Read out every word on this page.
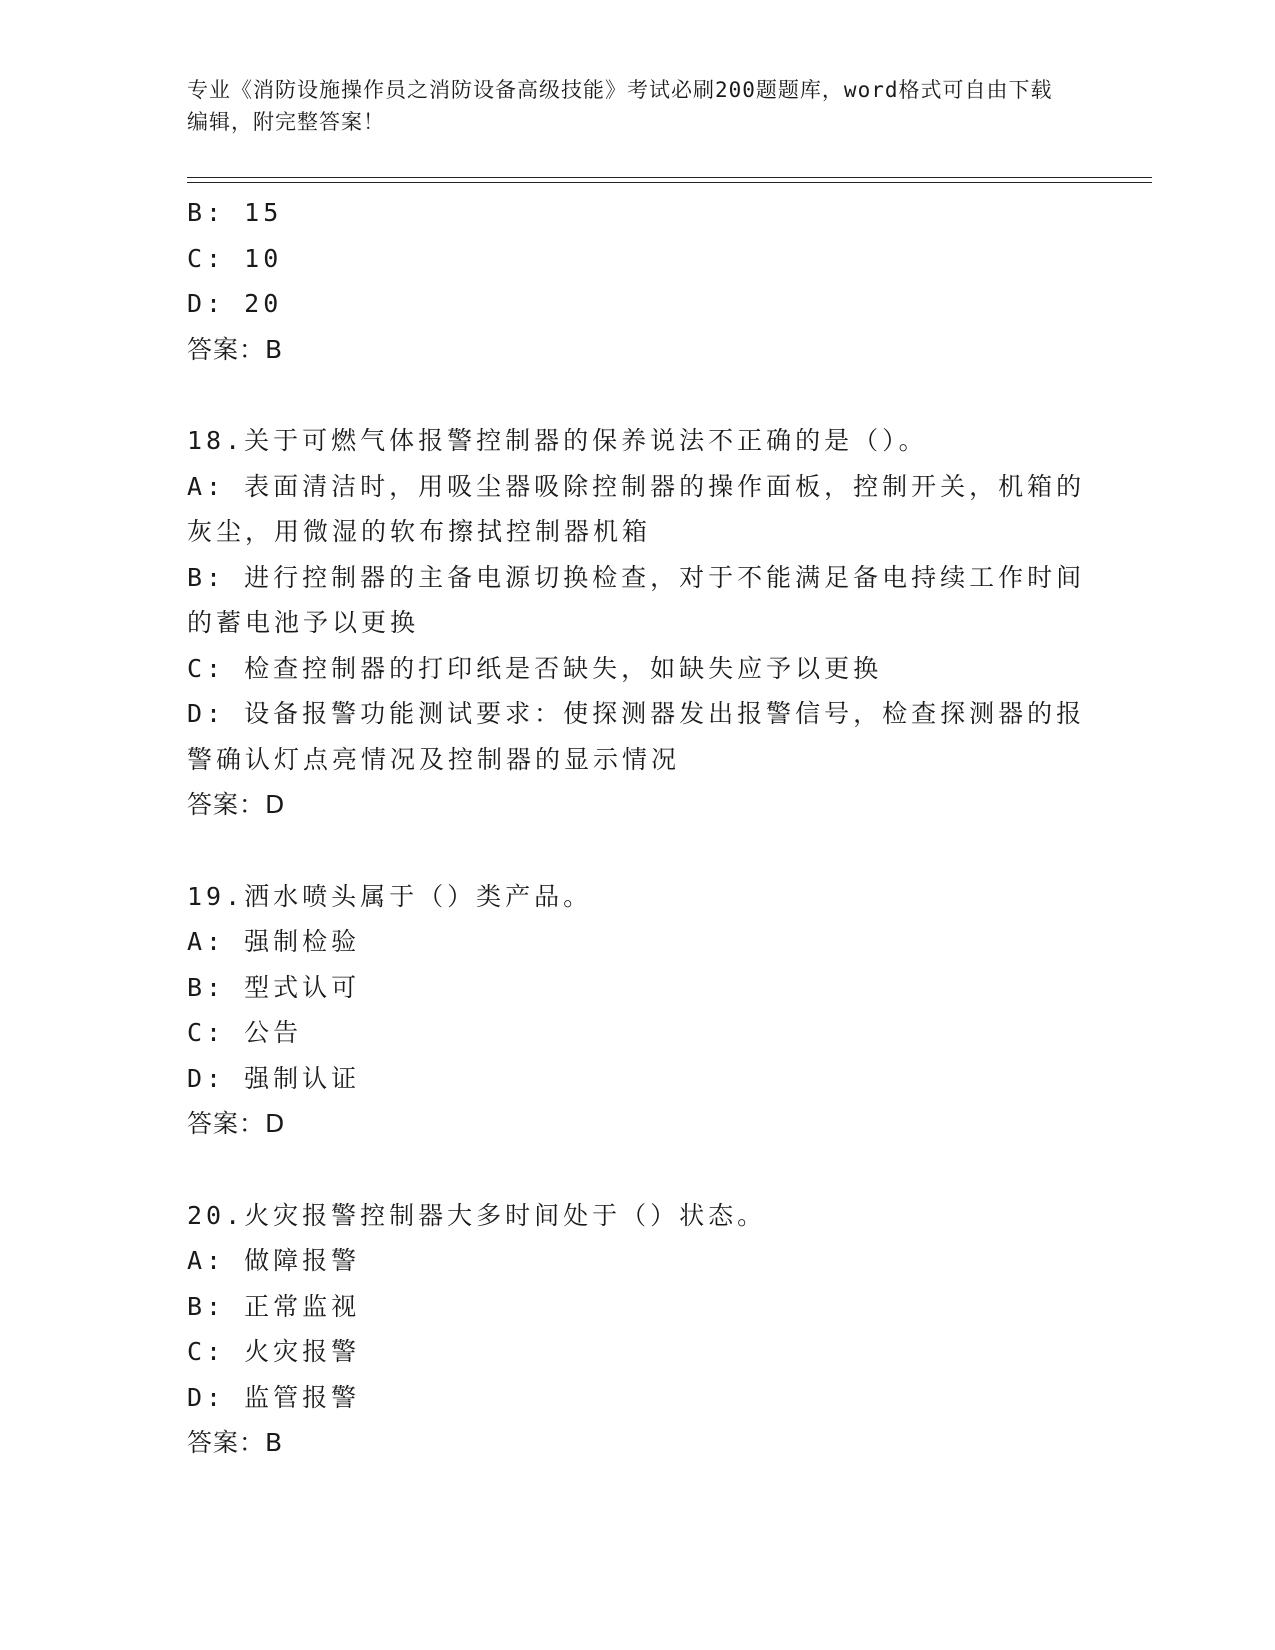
专业《消防设施操作员之消防设备高级技能》考试必刷200题题库，word格式可自由下载编辑，附完整答案！
B: 15
C: 10
D: 20
答案：B
18.关于可燃气体报警控制器的保养说法不正确的是（）。
A: 表面清洁时，用吸尘器吸除控制器的操作面板，控制开关，机箱的灰尘，用微湿的软布擦拭控制器机箱
B: 进行控制器的主备电源切换检查，对于不能满足备电持续工作时间的蓄电池予以更换
C: 检查控制器的打印纸是否缺失，如缺失应予以更换
D: 设备报警功能测试要求：使探测器发出报警信号，检查探测器的报警确认灯点亮情况及控制器的显示情况
答案：D
19.洒水喷头属于（）类产品。
A: 强制检验
B: 型式认可
C: 公告
D: 强制认证
答案：D
20.火灾报警控制器大多时间处于（）状态。
A: 做障报警
B: 正常监视
C: 火灾报警
D: 监管报警
答案：B
